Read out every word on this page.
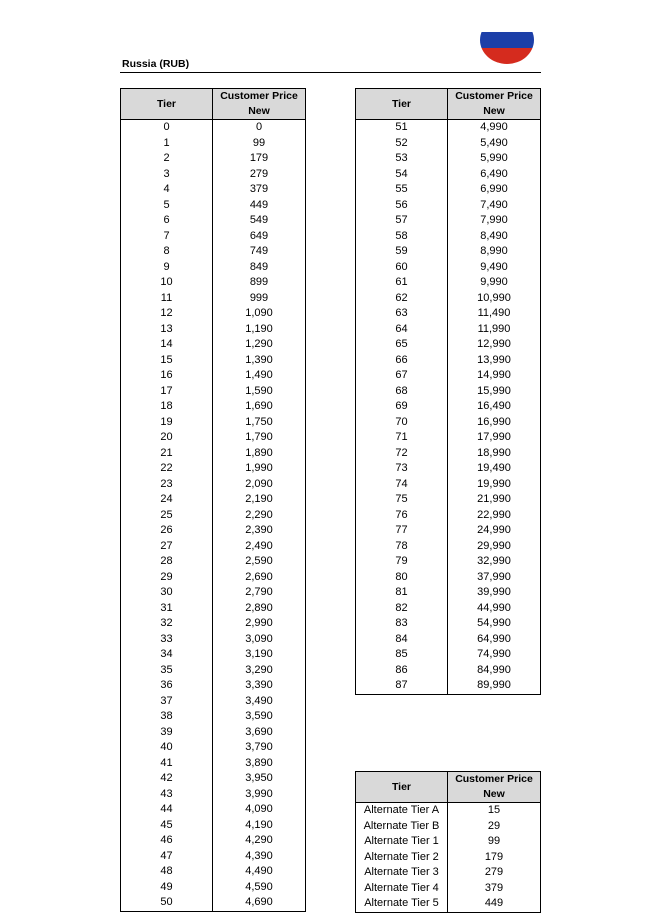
Russia (RUB)
Tier	Customer Price
New
0	0
1	99
2	179
3	279
4	379
5	449
6	549
7	649
8	749
9	849
10	899
11	999
12	1,090
13	1,190
14	1,290
15	1,390
16	1,490
17	1,590
18	1,690
19	1,750
20	1,790
21	1,890
22	1,990
23	2,090
24	2,190
25	2,290
26	2,390
27	2,490
28	2,590
29	2,690
30	2,790
31	2,890
32	2,990
33	3,090
34	3,190
35	3,290
36	3,390
37	3,490
38	3,590
39	3,690
40	3,790
41	3,890
42	3,950
43	3,990
44	4,090
45	4,190
46	4,290
47	4,390
48	4,490
49	4,590
50	4,690
Tier	Customer Price
New
51	4,990
52	5,490
53	5,990
54	6,490
55	6,990
56	7,490
57	7,990
58	8,490
59	8,990
60	9,490
61	9,990
62	10,990
63	11,490
64	11,990
65	12,990
66	13,990
67	14,990
68	15,990
69	16,490
70	16,990
71	17,990
72	18,990
73	19,490
74	19,990
75	21,990
76	22,990
77	24,990
78	29,990
79	32,990
80	37,990
81	39,990
82	44,990
83	54,990
84	64,990
85	74,990
86	84,990
87	89,990
Tier	Customer Price
New
Alternate Tier A	15
Alternate Tier B	29
Alternate Tier 1	99
Alternate Tier 2	179
Alternate Tier 3	279
Alternate Tier 4	379
Alternate Tier 5	449
